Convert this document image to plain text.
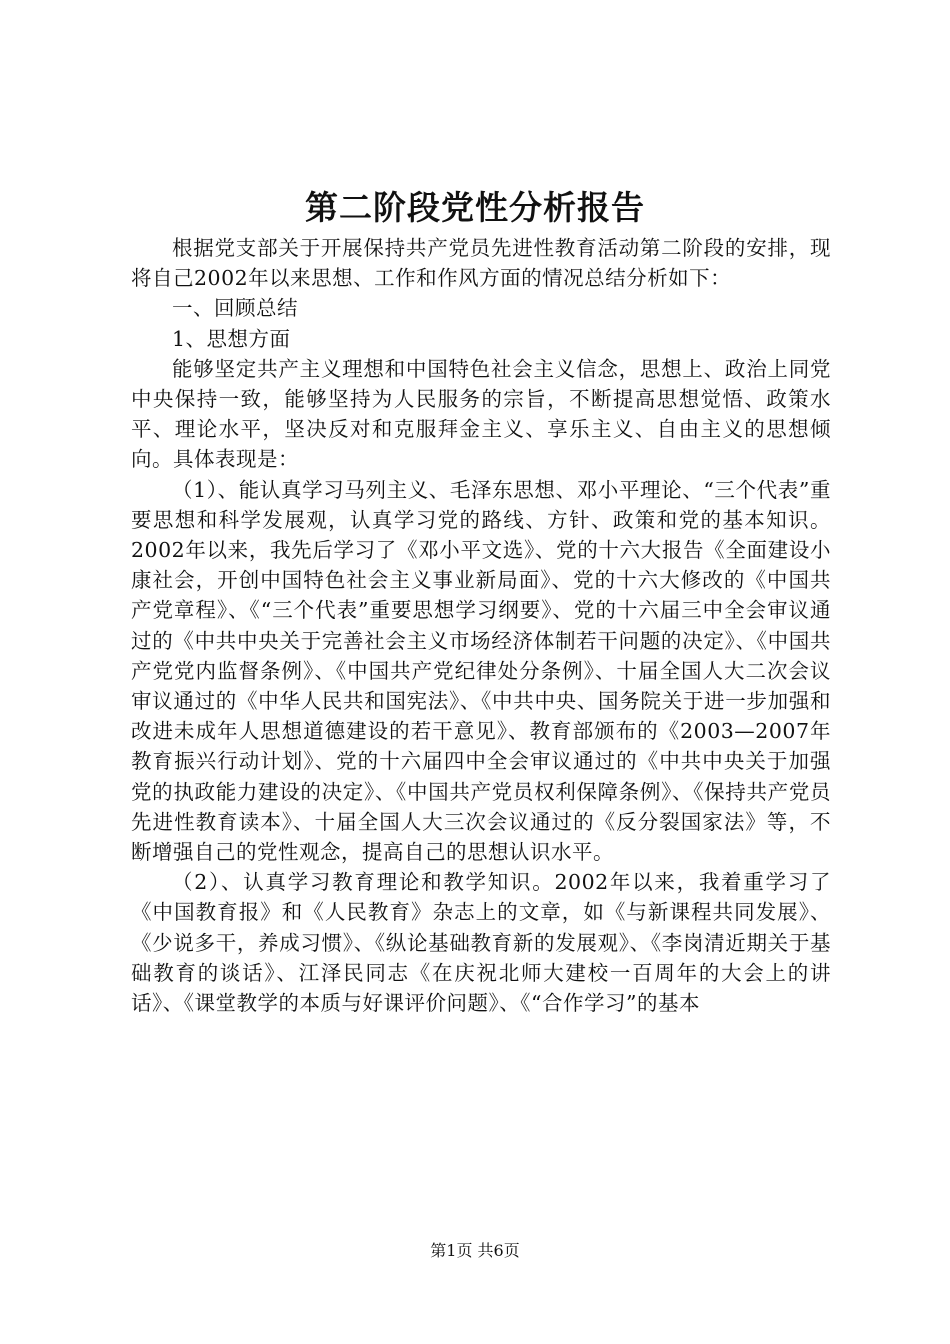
第二阶段党性分析报告

根据党支部关于开展保持共产党员先进性教育活动第二阶段的安排，现将自己2002年以来思想、工作和作风方面的情况总结分析如下：

一、回顾总结

1、思想方面

能够坚定共产主义理想和中国特色社会主义信念，思想上、政治上同党中央保持一致，能够坚持为人民服务的宗旨，不断提高思想觉悟、政策水平、理论水平，坚决反对和克服拜金主义、享乐主义、自由主义的思想倾向。具体表现是：

（1）、能认真学习马列主义、毛泽东思想、邓小平理论、“三个代表”重要思想和科学发展观，认真学习党的路线、方针、政策和党的基本知识。2002年以来，我先后学习了《邓小平文选》、党的十六大报告《全面建设小康社会，开创中国特色社会主义事业新局面》、党的十六大修改的《中国共产党章程》、《“三个代表”重要思想学习纲要》、党的十六届三中全会审议通过的《中共中央关于完善社会主义市场经济体制若干问题的决定》、《中国共产党党内监督条例》、《中国共产党纪律处分条例》、十届全国人大二次会议审议通过的《中华人民共和国宪法》、《中共中央、国务院关于进一步加强和改进未成年人思想道德建设的若干意见》、教育部颁布的《2003—2007年教育振兴行动计划》、党的十六届四中全会审议通过的《中共中央关于加强党的执政能力建设的决定》、《中国共产党员权利保障条例》、《保持共产党员先进性教育读本》、十届全国人大三次会议通过的《反分裂国家法》等，不断增强自己的党性观念，提高自己的思想认识水平。

（2）、认真学习教育理论和教学知识。2002年以来，我着重学习了《中国教育报》和《人民教育》杂志上的文章，如《与新课程共同发展》、《少说多干，养成习惯》、《纵论基础教育新的发展观》、《李岗清近期关于基础教育的谈话》、江泽民同志《在庆祝北师大建校一百周年的大会上的讲话》、《课堂教学的本质与好课评价问题》、《“合作学习”的基本

第1页 共6页
